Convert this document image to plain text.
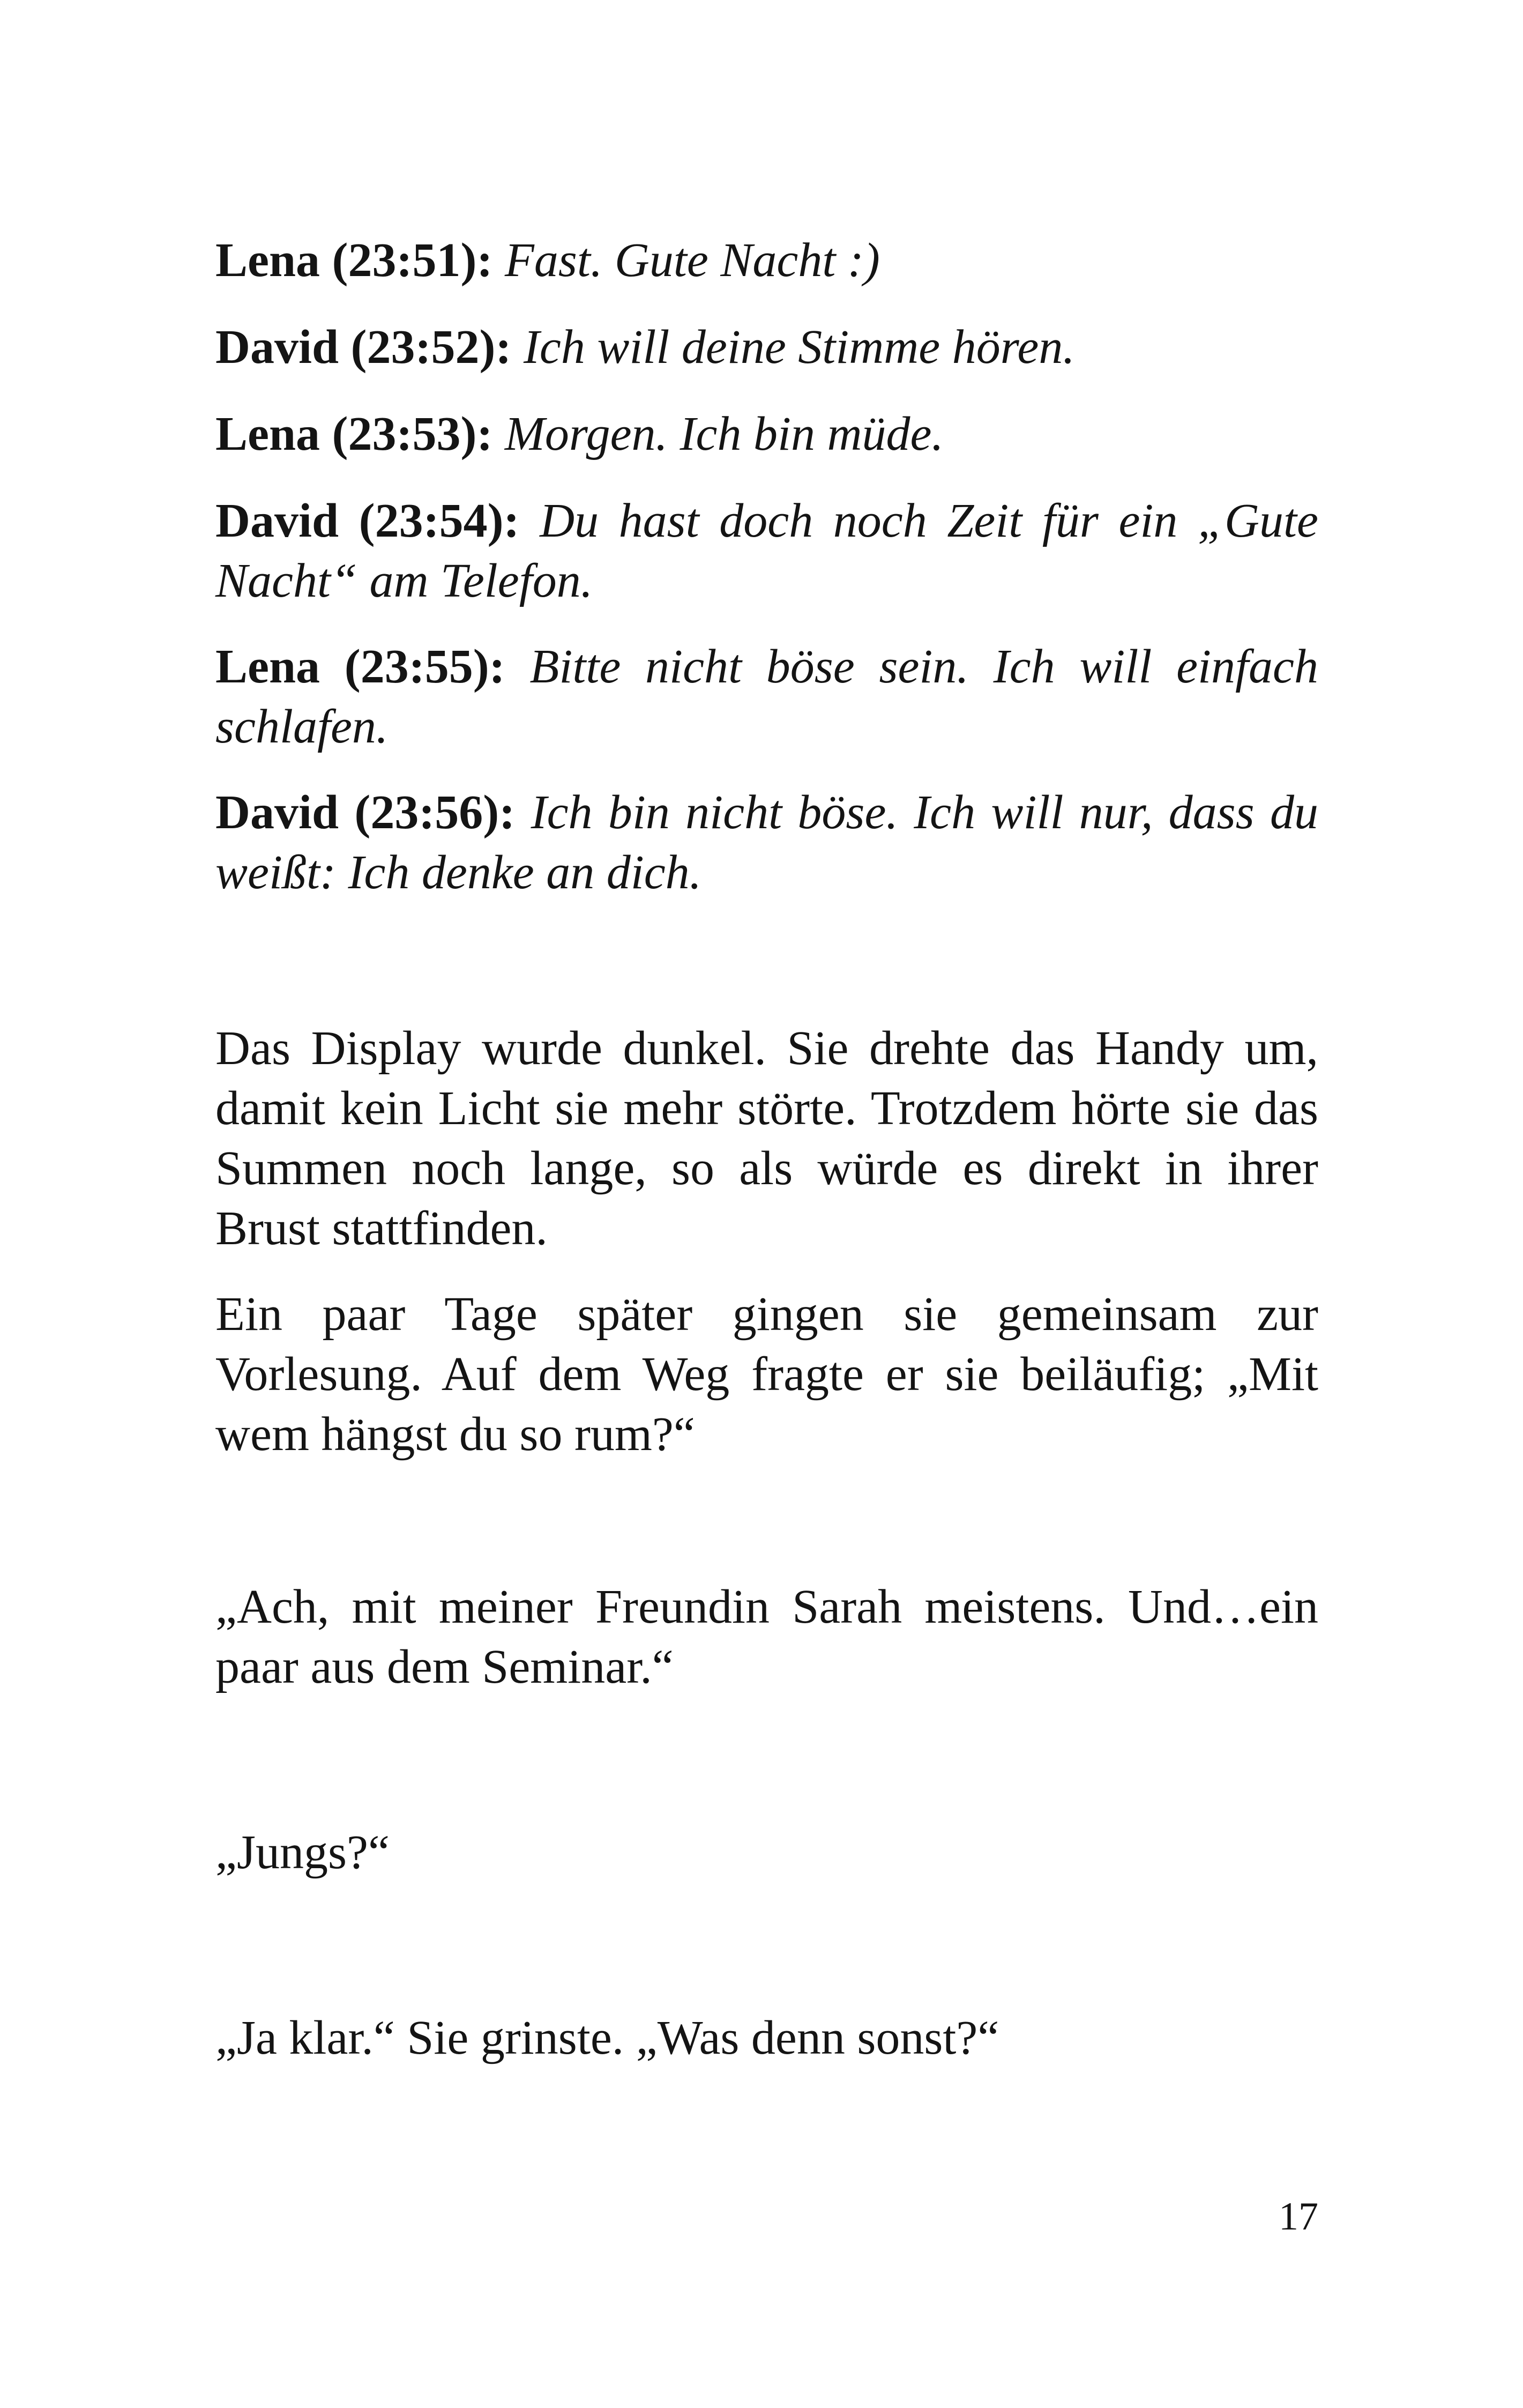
Lena (23:51): Fast. Gute Nacht :)

David (23:52): Ich will deine Stimme hören.

Lena (23:53): Morgen. Ich bin müde.

David (23:54): Du hast doch noch Zeit für ein „Gute Nacht“ am Telefon.

Lena (23:55): Bitte nicht böse sein. Ich will einfach schlafen.

David (23:56): Ich bin nicht böse. Ich will nur, dass du weißt: Ich denke an dich.

Das Display wurde dunkel. Sie drehte das Handy um, damit kein Licht sie mehr störte. Trotzdem hörte sie das Summen noch lange, so als würde es direkt in ihrer Brust stattfinden.

Ein paar Tage später gingen sie gemeinsam zur Vorlesung. Auf dem Weg fragte er sie beiläufig; „Mit wem hängst du so rum?“

„Ach, mit meiner Freundin Sarah meistens. Und…ein paar aus dem Seminar.“

„Jungs?“

„Ja klar.“ Sie grinste. „Was denn sonst?“

17
